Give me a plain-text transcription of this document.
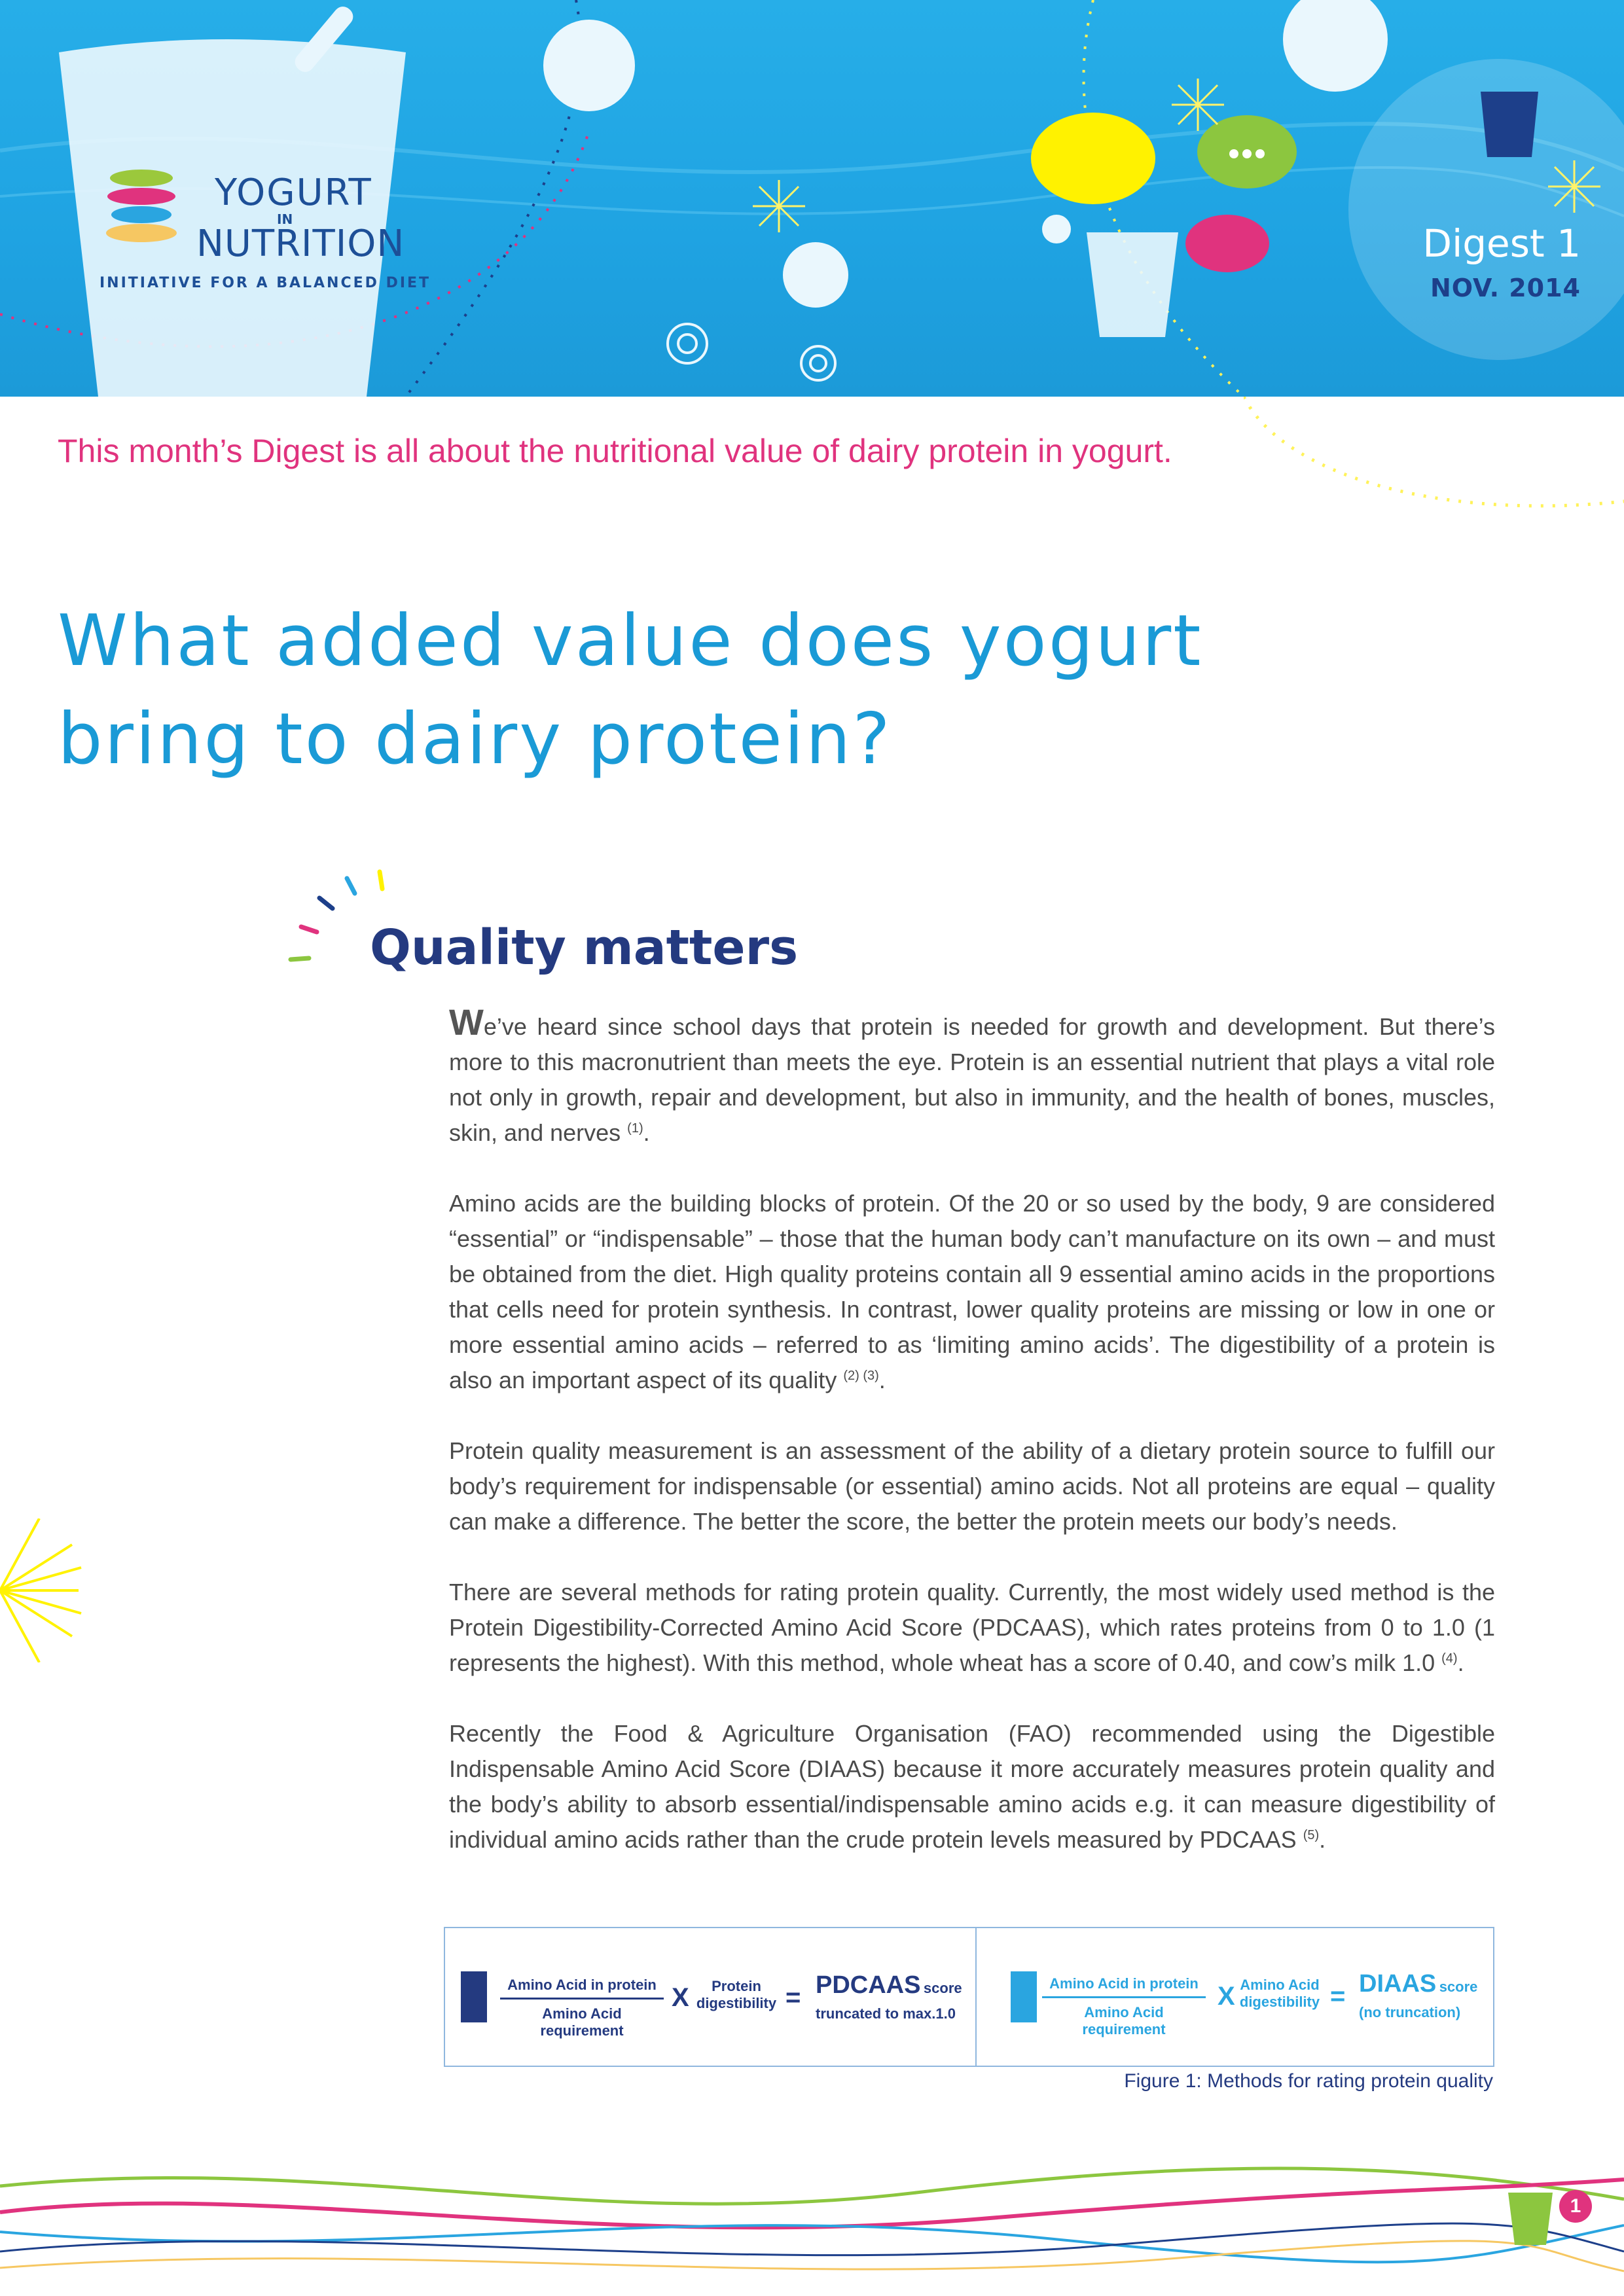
YOGURT
IN
NUTRITION
INITIATIVE FOR A BALANCED DIET
Digest 1
NOV. 2014
This month’s Digest is all about the nutritional value of dairy protein in yogurt.
What added value does yogurt
bring to dairy protein?
Quality matters

We’ve heard since school days that protein is needed for growth and development. But there’s more to this macronutrient than meets the eye. Protein is an essential nutrient that plays a vital role not only in growth, repair and development, but also in immunity, and the health of bones, muscles, skin, and nerves $^{(1)}$.

Amino acids are the building blocks of protein. Of the 20 or so used by the body, 9 are considered “essential” or “indispensable” – those that the human body can’t manufacture on its own – and must be obtained from the diet. High quality proteins contain all 9 essential amino acids in the proportions that cells need for protein synthesis. In contrast, lower quality proteins are missing or low in one or more essential amino acids – referred to as ‘limiting amino acids’. The digestibility of a protein is also an important aspect of its quality $^{(2) (3)}$.

Protein quality measurement is an assessment of the ability of a dietary protein source to fulfill our body’s requirement for indispensable (or essential) amino acids. Not all proteins are equal – quality can make a difference. The better the score, the better the protein meets our body’s needs.

There are several methods for rating protein quality. Currently, the most widely used method is the Protein Digestibility-Corrected Amino Acid Score (PDCAAS), which rates proteins from 0 to 1.0 (1 represents the highest). With this method, whole wheat has a score of 0.40, and cow’s milk 1.0 $^{(4)}$.

Recently the Food & Agriculture Organisation (FAO) recommended using the Digestible Indispensable Amino Acid Score (DIAAS) because it more accurately measures protein quality and the body’s ability to absorb essential/indispensable amino acids e.g. it can measure digestibility of individual amino acids rather than the crude protein levels measured by PDCAAS $^{(5)}$.

Amino Acid in protein
Amino Acid requirement
X	Protein
digestibility = PDCAAS score
truncated to max.1.0
Amino Acid in protein
Amino Acid requirement
X Amino Acid
digestibility = DIAAS score
(no truncation)
Figure 1: Methods for rating protein quality
1
